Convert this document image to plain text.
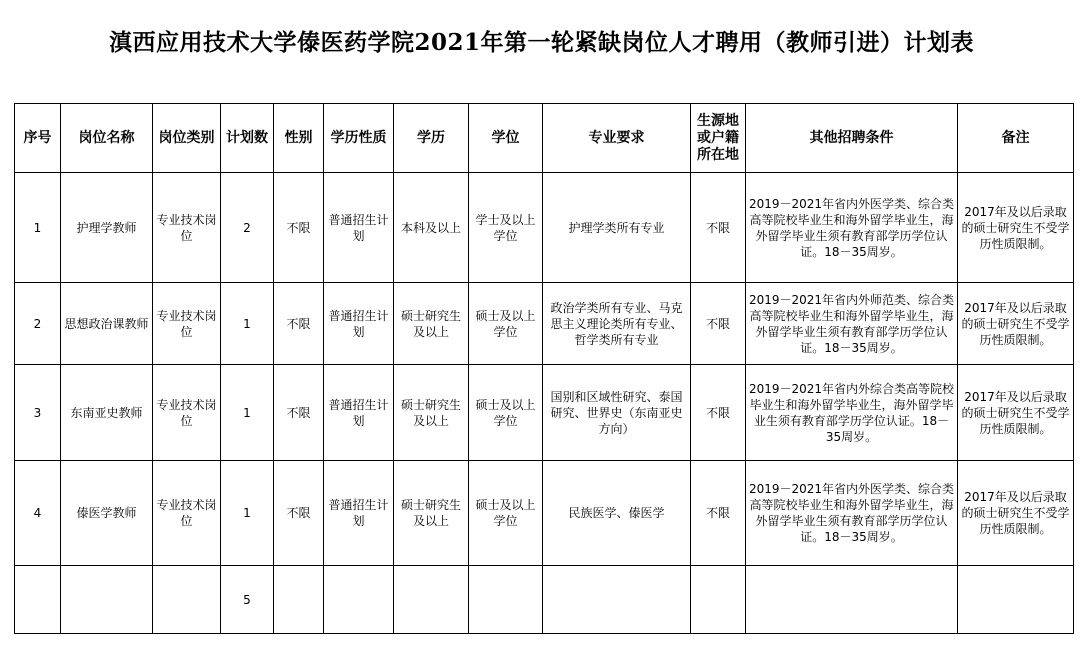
滇西应用技术大学傣医药学院2021年第一轮紧缺岗位人才聘用（教师引进）计划表
序号	岗位名称	岗位类别	计划数	性别	学历性质	学历	学位	专业要求	生源地或户籍所在地	其他招聘条件	备注
1	护理学教师	专业技术岗位	2	不限	普通招生计划	本科及以上	学士及以上学位	护理学类所有专业	不限	2019－2021年省内外医学类、综合类高等院校毕业生和海外留学毕业生，海外留学毕业生须有教育部学历学位认证。18－35周岁。	2017年及以后录取的硕士研究生不受学历性质限制。
2	思想政治课教师	专业技术岗位	1	不限	普通招生计划	硕士研究生及以上	硕士及以上学位	政治学类所有专业、马克思主义理论类所有专业、哲学类所有专业	不限	2019－2021年省内外师范类、综合类高等院校毕业生和海外留学毕业生，海外留学毕业生须有教育部学历学位认证。18－35周岁。	2017年及以后录取的硕士研究生不受学历性质限制。
3	东南亚史教师	专业技术岗位	1	不限	普通招生计划	硕士研究生及以上	硕士及以上学位	国别和区域性研究、泰国研究、世界史（东南亚史方向）	不限	2019－2021年省内外综合类高等院校毕业生和海外留学毕业生，海外留学毕业生须有教育部学历学位认证。18－35周岁。	2017年及以后录取的硕士研究生不受学历性质限制。
4	傣医学教师	专业技术岗位	1	不限	普通招生计划	硕士研究生及以上	硕士及以上学位	民族医学、傣医学	不限	2019－2021年省内外医学类、综合类高等院校毕业生和海外留学毕业生，海外留学毕业生须有教育部学历学位认证。18－35周岁。	2017年及以后录取的硕士研究生不受学历性质限制。
			5								
